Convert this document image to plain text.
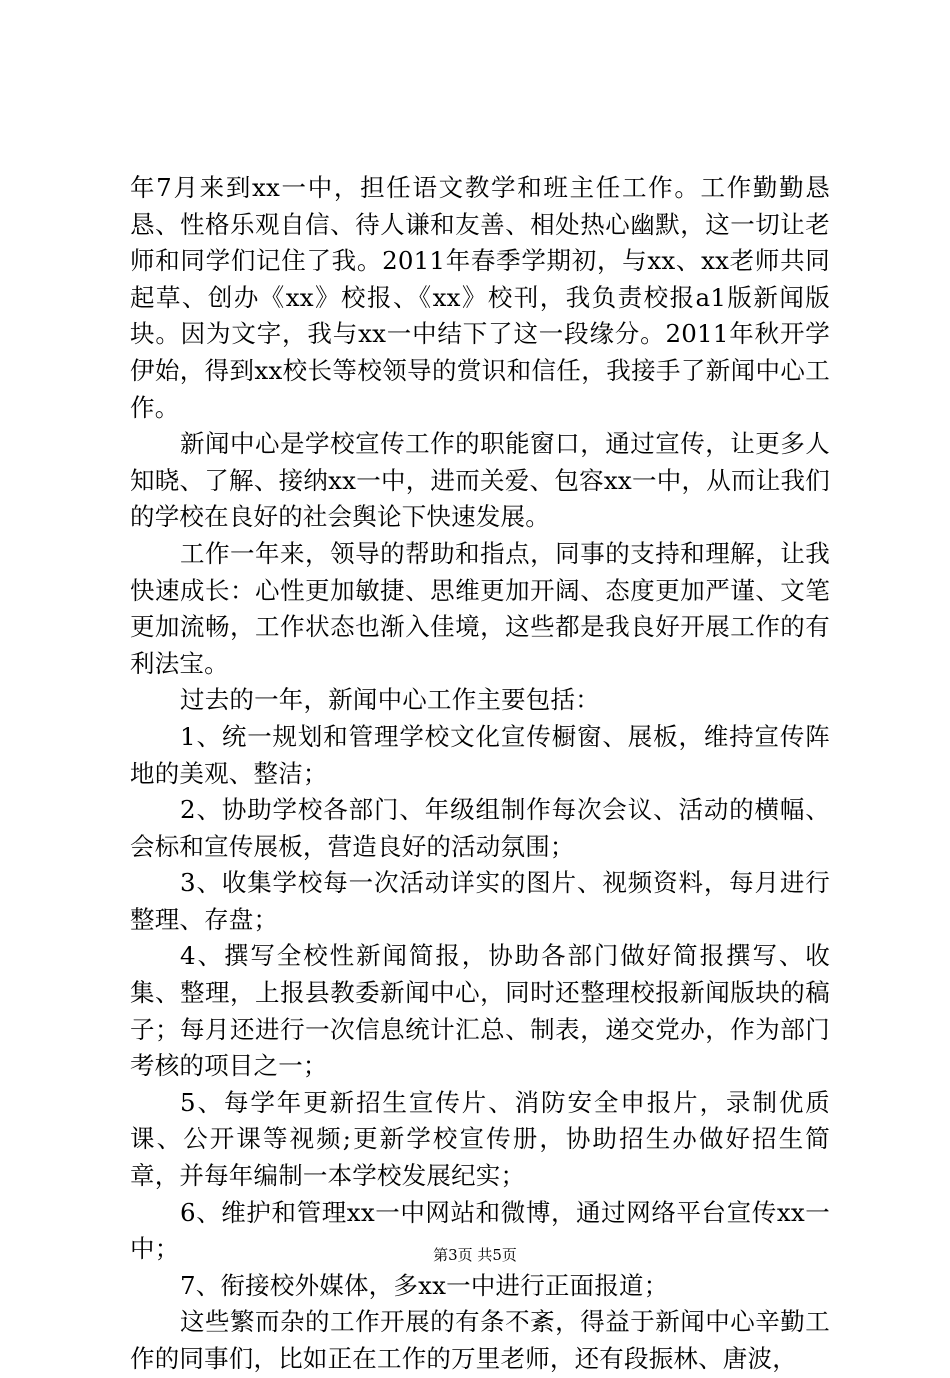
年7月来到xx一中，担任语文教学和班主任工作。工作勤勤恳恳、性格乐观自信、待人谦和友善、相处热心幽默，这一切让老师和同学们记住了我。2011年春季学期初，与xx、xx老师共同起草、创办《xx》校报、《xx》校刊，我负责校报a1版新闻版块。因为文字，我与xx一中结下了这一段缘分。2011年秋开学伊始，得到xx校长等校领导的赏识和信任，我接手了新闻中心工作。

新闻中心是学校宣传工作的职能窗口，通过宣传，让更多人知晓、了解、接纳xx一中，进而关爱、包容xx一中，从而让我们的学校在良好的社会舆论下快速发展。

工作一年来，领导的帮助和指点，同事的支持和理解，让我快速成长：心性更加敏捷、思维更加开阔、态度更加严谨、文笔更加流畅，工作状态也渐入佳境，这些都是我良好开展工作的有利法宝。

过去的一年，新闻中心工作主要包括：

1、统一规划和管理学校文化宣传橱窗、展板，维持宣传阵地的美观、整洁；

2、协助学校各部门、年级组制作每次会议、活动的横幅、会标和宣传展板，营造良好的活动氛围；

3、收集学校每一次活动详实的图片、视频资料，每月进行整理、存盘；

4、撰写全校性新闻简报，协助各部门做好简报撰写、收集、整理，上报县教委新闻中心，同时还整理校报新闻版块的稿子；每月还进行一次信息统计汇总、制表，递交党办，作为部门考核的项目之一；

5、每学年更新招生宣传片、消防安全申报片，录制优质课、公开课等视频;更新学校宣传册，协助招生办做好招生简章，并每年编制一本学校发展纪实；

6、维护和管理xx一中网站和微博，通过网络平台宣传xx一中；

7、衔接校外媒体，多xx一中进行正面报道；

这些繁而杂的工作开展的有条不紊，得益于新闻中心辛勤工作的同事们，比如正在工作的万里老师，还有段振林、唐波，

第3页 共5页
